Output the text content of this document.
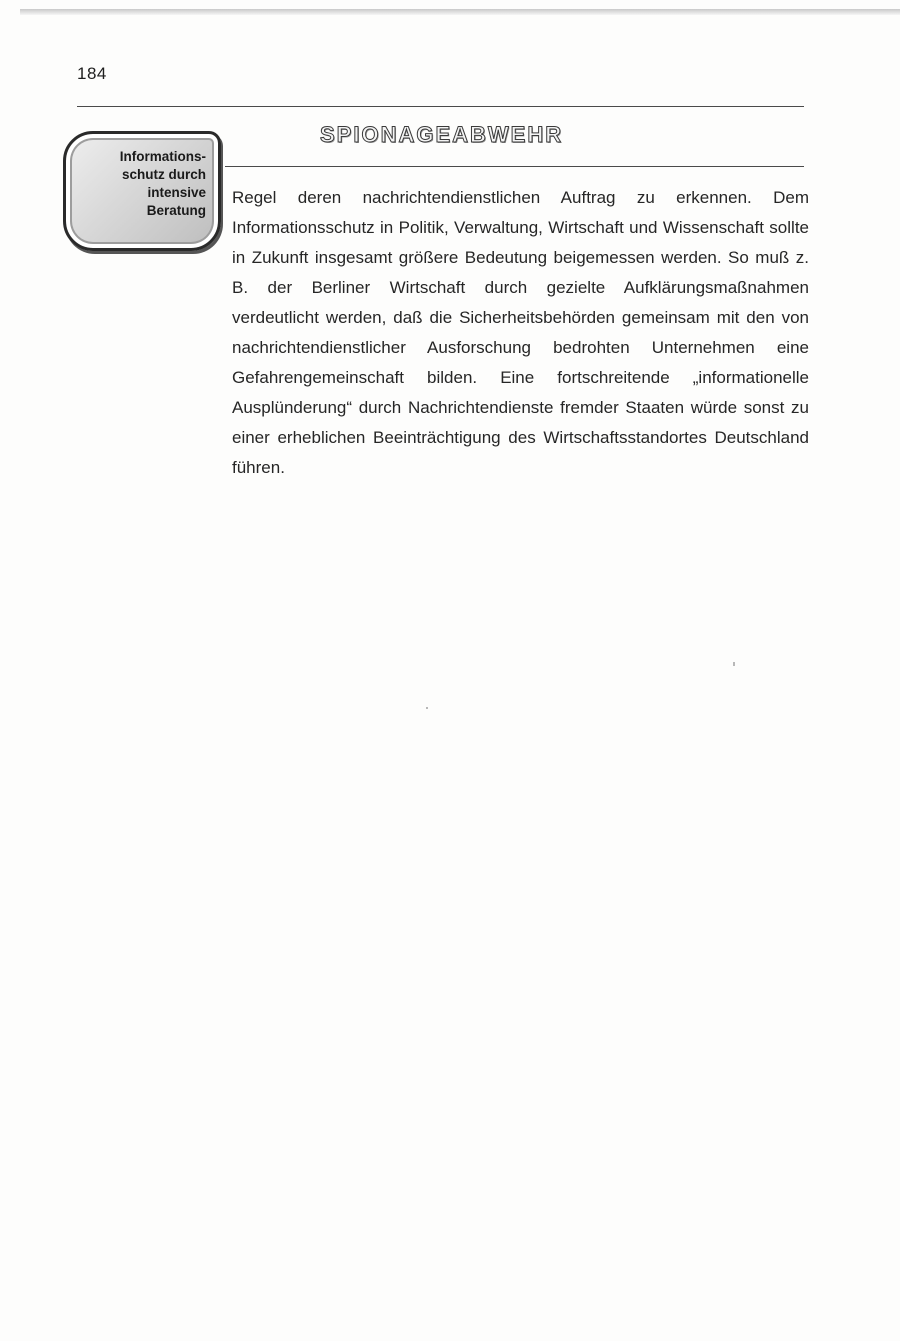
184
SPIONAGEABWEHR
Informations-
schutz durch
intensive
Beratung

Regel deren nachrichtendienstlichen Auftrag zu erkennen. Dem Informationsschutz in Politik, Verwaltung, Wirtschaft und Wissenschaft sollte in Zukunft insgesamt größere Bedeutung beigemessen werden. So muß z. B. der Berliner Wirtschaft durch gezielte Aufklärungsmaßnahmen verdeutlicht werden, daß die Sicherheitsbehörden gemeinsam mit den von nachrichtendienstlicher Ausforschung bedrohten Unternehmen eine Gefahrengemeinschaft bilden. Eine fortschreitende „informationelle Ausplünderung“ durch Nachrichtendienste fremder Staaten würde sonst zu einer erheblichen Beeinträchtigung des Wirtschaftsstandortes Deutschland führen.
